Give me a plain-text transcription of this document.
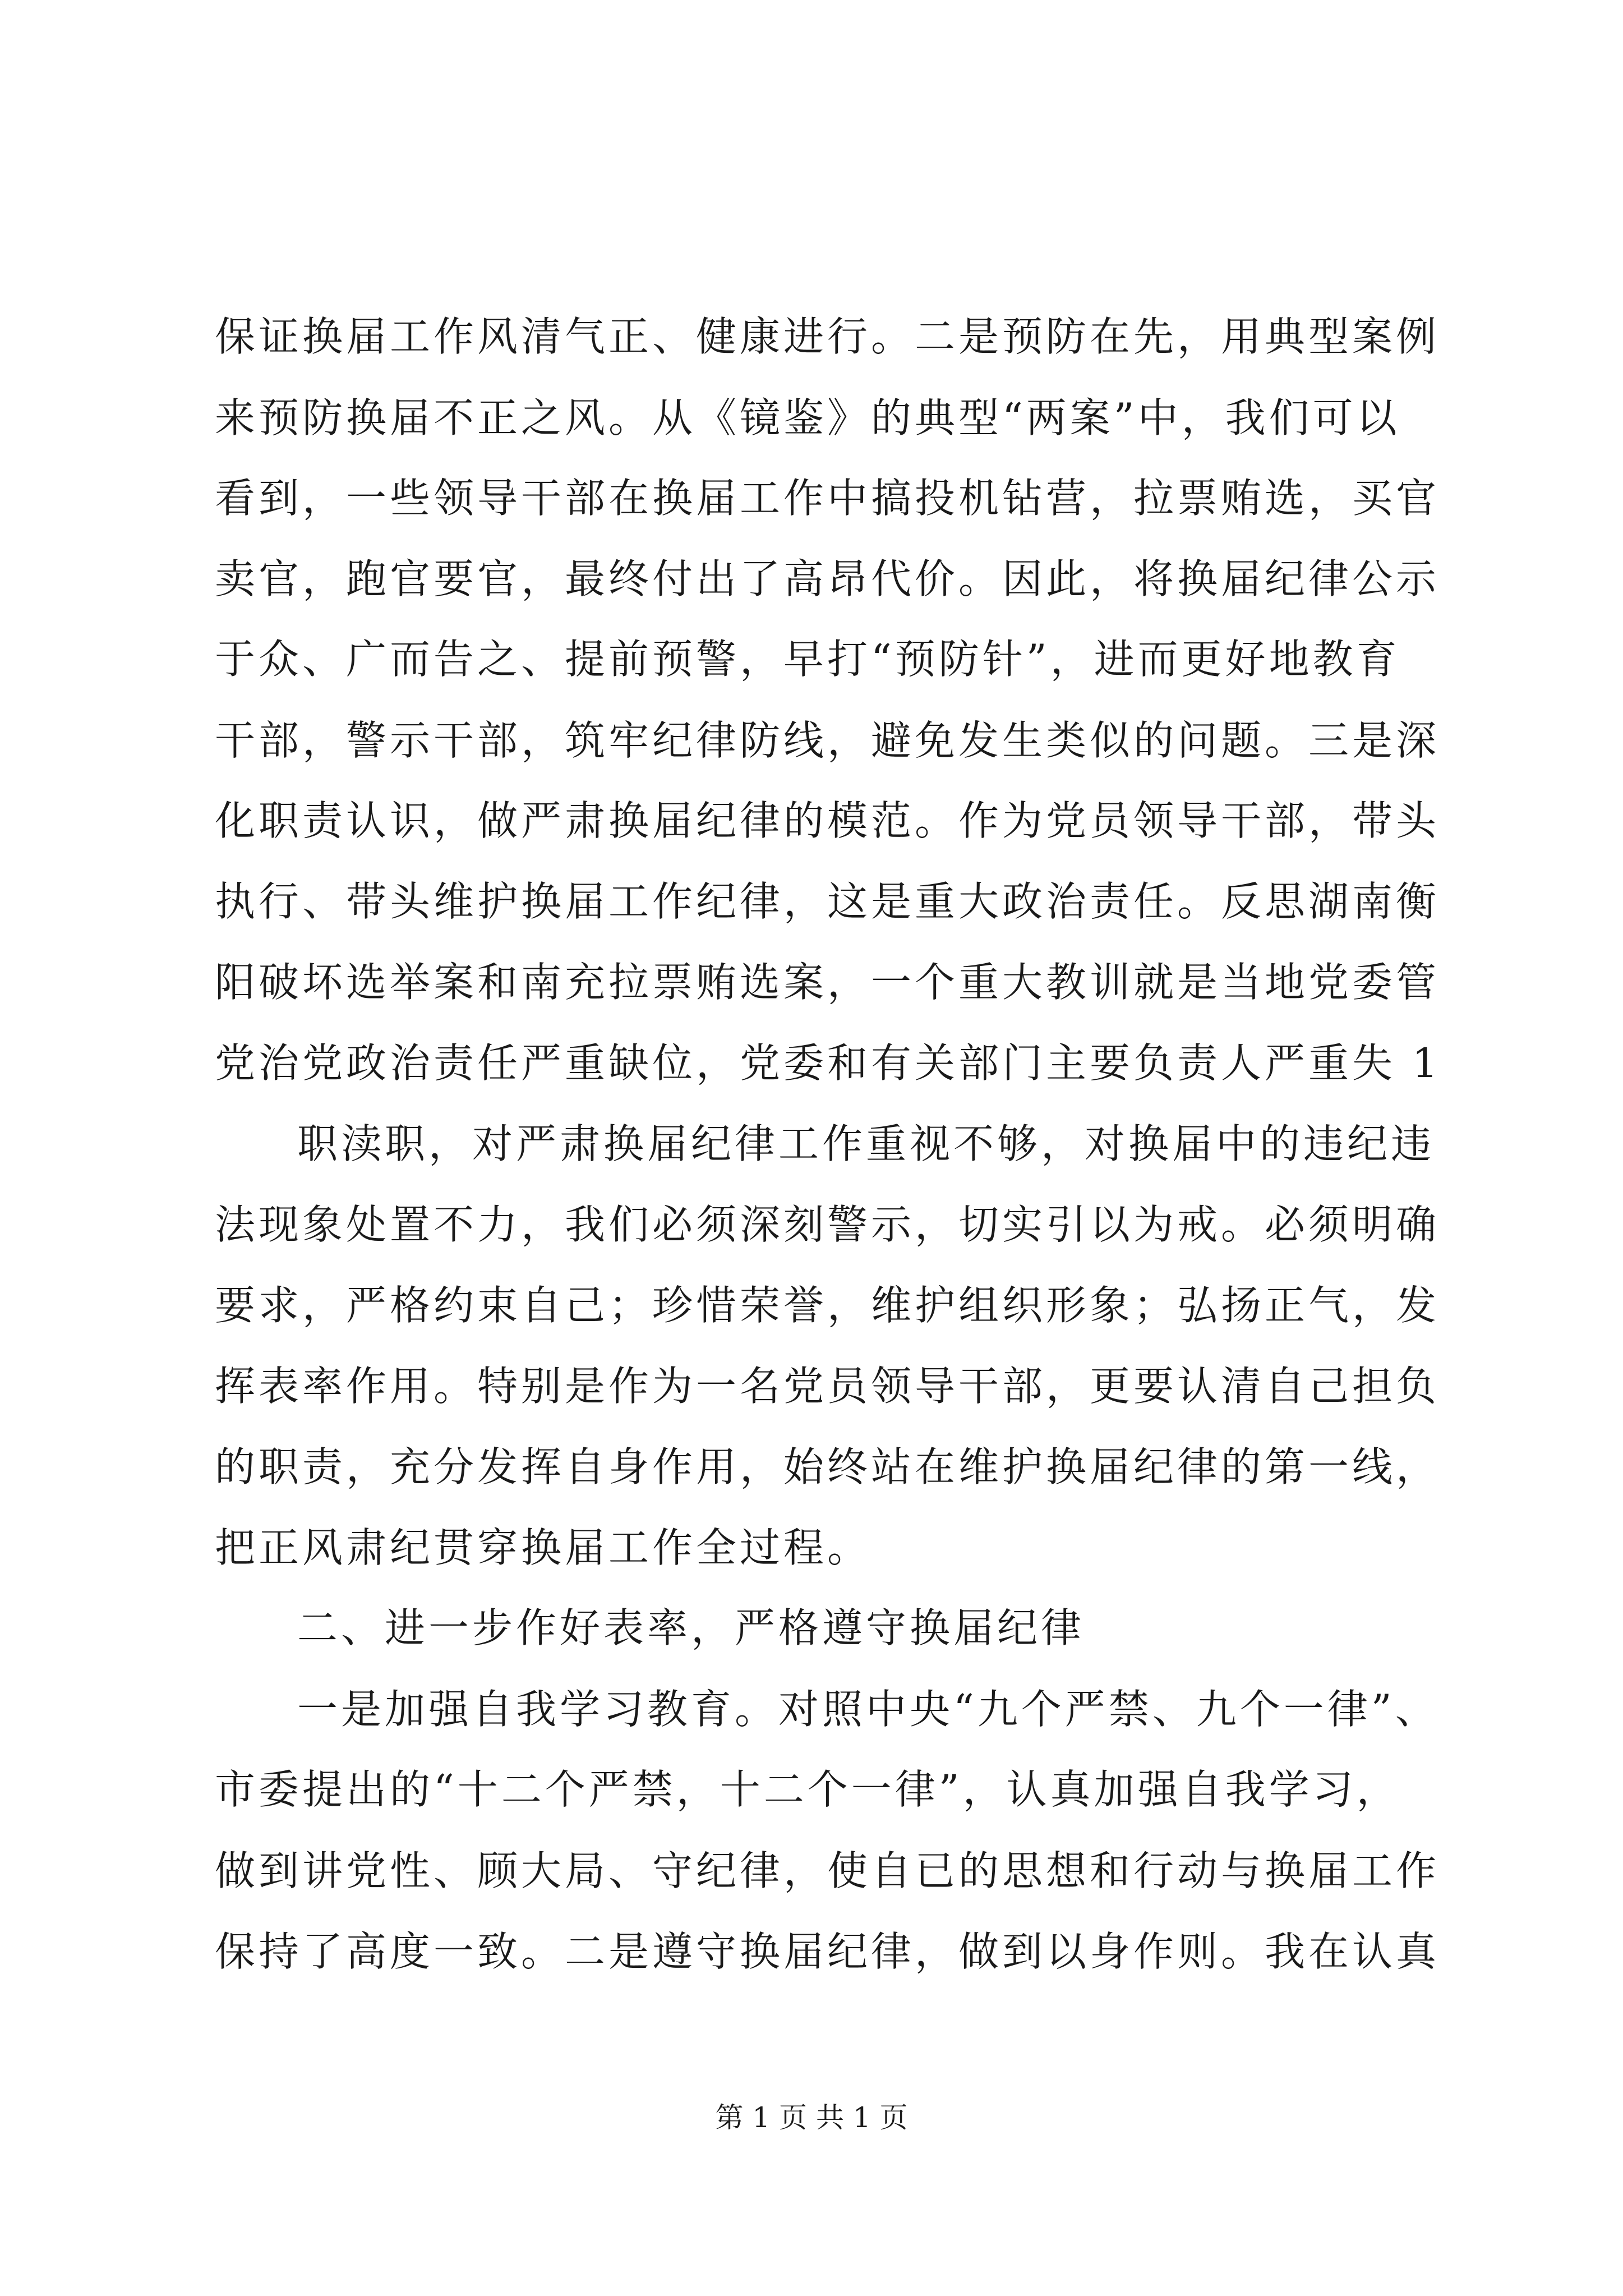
保证换届工作风清气正、健康进行。二是预防在先，用典型案例
来预防换届不正之风。从《镜鉴》的典型“两案”中，我们可以
看到，一些领导干部在换届工作中搞投机钻营，拉票贿选，买官
卖官，跑官要官，最终付出了高昂代价。因此，将换届纪律公示
于众、广而告之、提前预警，早打“预防针”，进而更好地教育
干部，警示干部，筑牢纪律防线，避免发生类似的问题。三是深
化职责认识，做严肃换届纪律的模范。作为党员领导干部，带头
执行、带头维护换届工作纪律，这是重大政治责任。反思湖南衡
阳破坏选举案和南充拉票贿选案，一个重大教训就是当地党委管
党治党政治责任严重缺位，党委和有关部门主要负责人严重失 1
职渎职，对严肃换届纪律工作重视不够，对换届中的违纪违
法现象处置不力，我们必须深刻警示，切实引以为戒。必须明确
要求，严格约束自己；珍惜荣誉，维护组织形象；弘扬正气，发
挥表率作用。特别是作为一名党员领导干部，更要认清自己担负
的职责，充分发挥自身作用，始终站在维护换届纪律的第一线，
把正风肃纪贯穿换届工作全过程。
二、进一步作好表率，严格遵守换届纪律
一是加强自我学习教育。对照中央“九个严禁、九个一律”、
市委提出的“十二个严禁，十二个一律”，认真加强自我学习，
做到讲党性、顾大局、守纪律，使自已的思想和行动与换届工作
保持了高度一致。二是遵守换届纪律，做到以身作则。我在认真
第 1 页 共 1 页
